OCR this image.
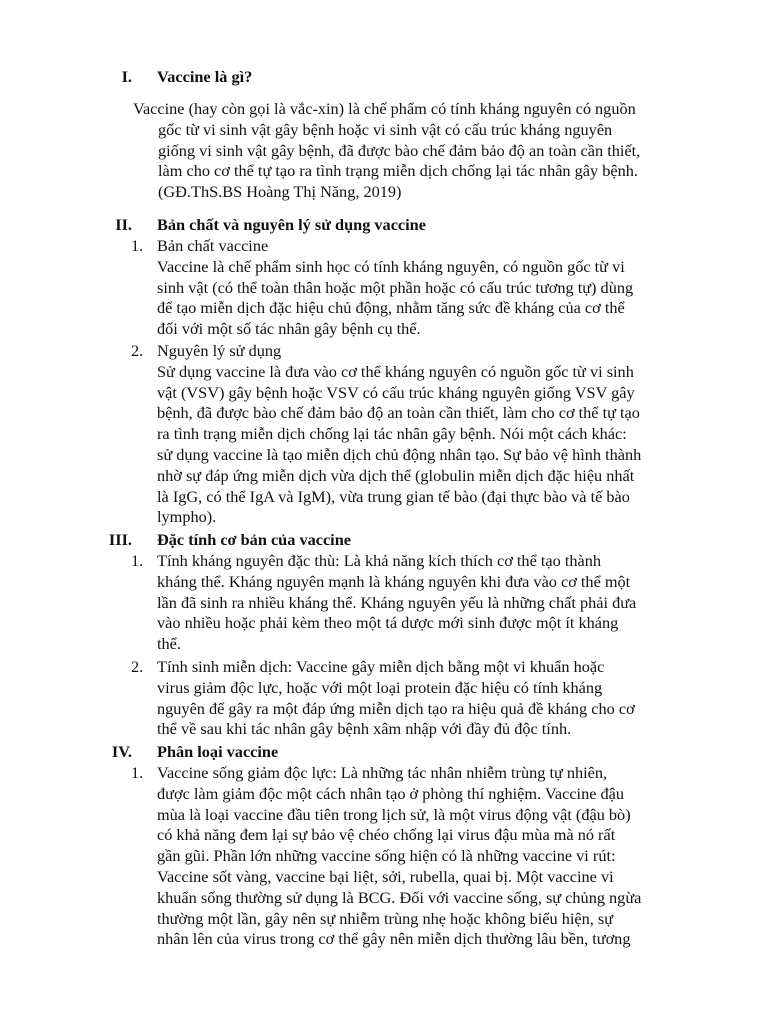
I. Vaccine là gì?
Vaccine (hay còn gọi là vắc-xin) là chế phẩm có tính kháng nguyên có nguồn
gốc từ vi sinh vật gây bệnh hoặc vi sinh vật có cấu trúc kháng nguyên
giống vi sinh vật gây bệnh, đã được bào chế đảm bảo độ an toàn cần thiết,
làm cho cơ thể tự tạo ra tình trạng miễn dịch chống lại tác nhân gây bệnh.
(GĐ.ThS.BS Hoàng Thị Năng, 2019)
II. Bản chất và nguyên lý sử dụng vaccine
1. Bản chất vaccine
Vaccine là chế phẩm sinh học có tính kháng nguyên, có nguồn gốc từ vi
sinh vật (có thể toàn thân hoặc một phần hoặc có cấu trúc tương tự) dùng
để tạo miễn dịch đặc hiệu chủ động, nhằm tăng sức đề kháng của cơ thể
đối với một số tác nhân gây bệnh cụ thể.
2. Nguyên lý sử dụng
Sử dụng vaccine là đưa vào cơ thể kháng nguyên có nguồn gốc từ vi sinh
vật (VSV) gây bệnh hoặc VSV có cấu trúc kháng nguyên giống VSV gây
bệnh, đã được bào chế đảm bảo độ an toàn cần thiết, làm cho cơ thể tự tạo
ra tình trạng miễn dịch chống lại tác nhân gây bệnh. Nói một cách khác:
sử dụng vaccine là tạo miễn dịch chủ động nhân tạo. Sự bảo vệ hình thành
nhờ sự đáp ứng miễn dịch vừa dịch thể (globulin miễn dịch đặc hiệu nhất
là IgG, có thể IgA và IgM), vừa trung gian tế bào (đại thực bào và tế bào
lympho).
III. Đặc tính cơ bản của vaccine
1. Tính kháng nguyên đặc thù: Là khả năng kích thích cơ thể tạo thành
kháng thể. Kháng nguyên mạnh là kháng nguyên khi đưa vào cơ thể một
lần đã sinh ra nhiều kháng thể. Kháng nguyên yếu là những chất phải đưa
vào nhiều hoặc phải kèm theo một tá dược mới sinh được một ít kháng
thể.
2. Tính sinh miễn dịch: Vaccine gây miễn dịch bằng một vi khuẩn hoặc
virus giảm độc lực, hoặc với một loại protein đặc hiệu có tính kháng
nguyên để gây ra một đáp ứng miễn dịch tạo ra hiệu quả đề kháng cho cơ
thể về sau khi tác nhân gây bệnh xâm nhập với đầy đủ độc tính.
IV. Phân loại vaccine
1. Vaccine sống giảm độc lực: Là những tác nhân nhiễm trùng tự nhiên,
được làm giảm độc một cách nhân tạo ở phòng thí nghiệm. Vaccine đậu
mùa là loại vaccine đầu tiên trong lịch sử, là một virus động vật (đậu bò)
có khả năng đem lại sự bảo vệ chéo chống lại virus đậu mùa mà nó rất
gần gũi. Phần lớn những vaccine sống hiện có là những vaccine vi rút:
Vaccine sốt vàng, vaccine bại liệt, sởi, rubella, quai bị. Một vaccine vi
khuẩn sống thường sử dụng là BCG. Đối với vaccine sống, sự chủng ngừa
thường một lần, gây nên sự nhiễm trùng nhẹ hoặc không biểu hiện, sự
nhân lên của virus trong cơ thể gây nên miễn dịch thường lâu bền, tương
